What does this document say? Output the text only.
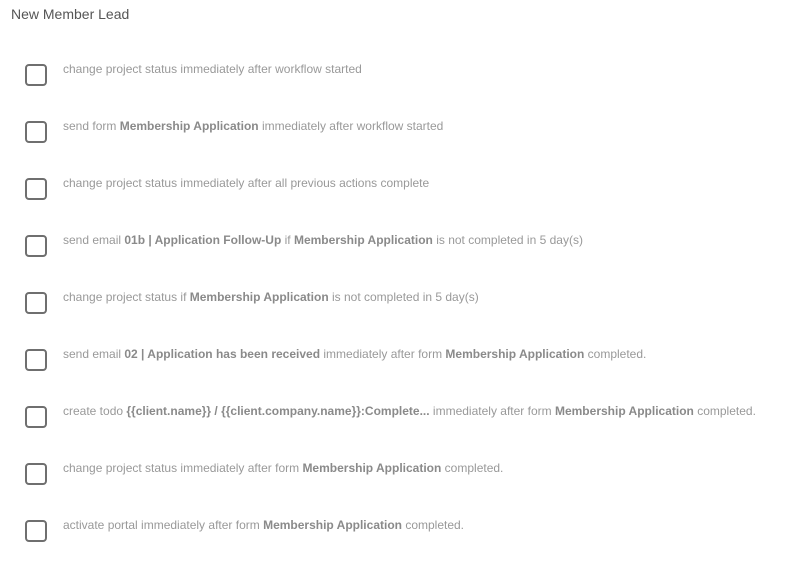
New Member Lead
change project status immediately after workflow started
send form Membership Application immediately after workflow started
change project status immediately after all previous actions complete
send email 01b | Application Follow-Up if Membership Application is not completed in 5 day(s)
change project status if Membership Application is not completed in 5 day(s)
send email 02 | Application has been received immediately after form Membership Application completed.
create todo {{client.name}} / {{client.company.name}}:Complete... immediately after form Membership Application completed.
change project status immediately after form Membership Application completed.
activate portal immediately after form Membership Application completed.
